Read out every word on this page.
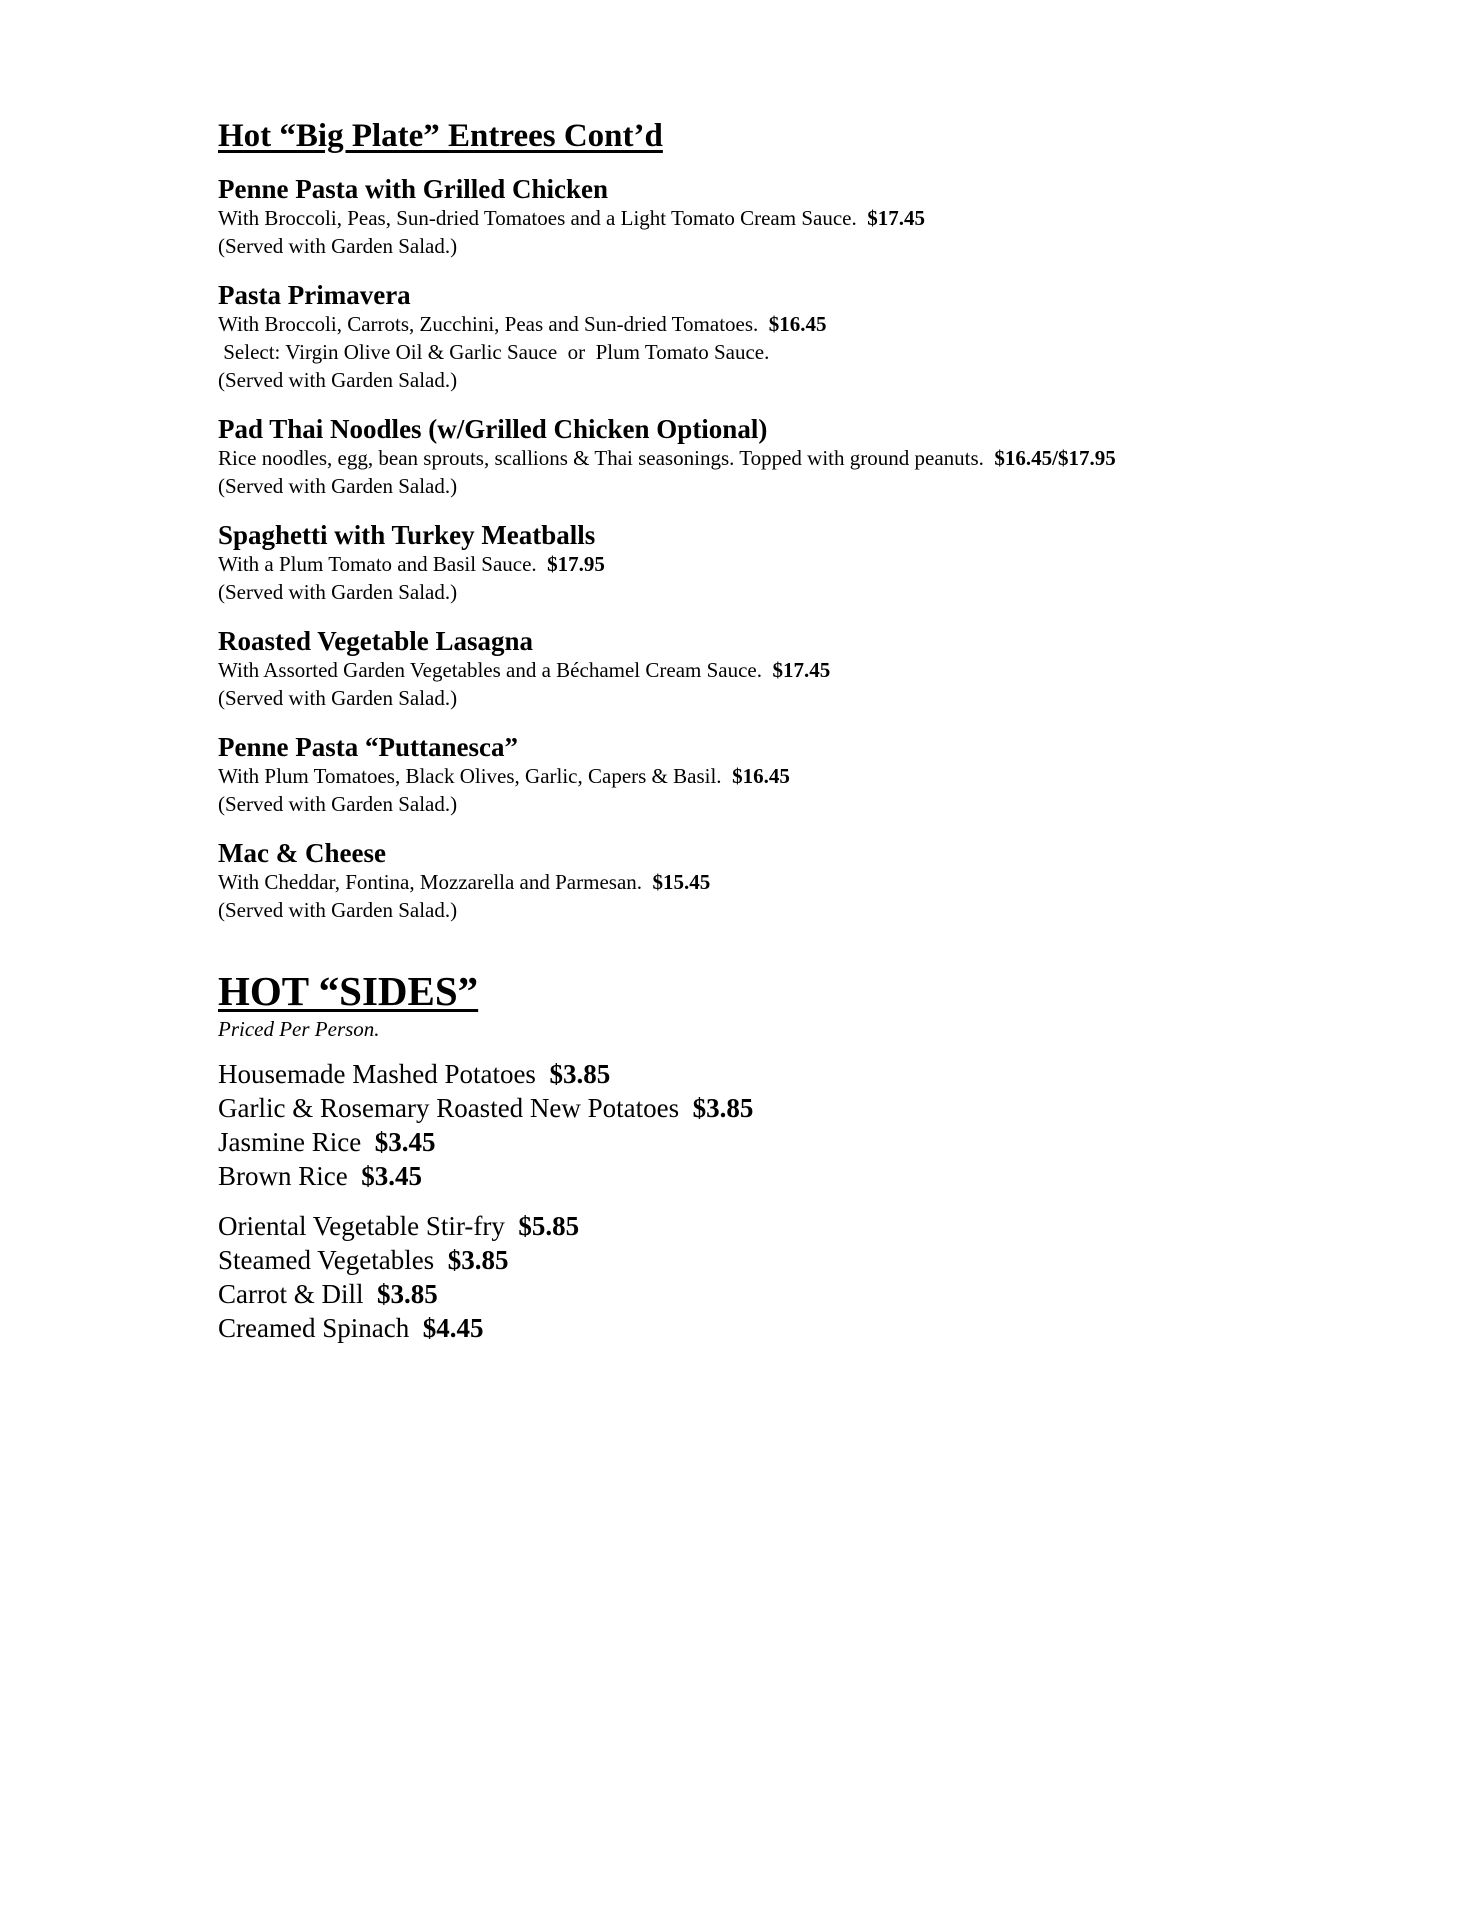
Hot “Big Plate” Entrees Cont’d
Penne Pasta with Grilled Chicken
With Broccoli, Peas, Sun-dried Tomatoes and a Light Tomato Cream Sauce. $17.45
(Served with Garden Salad.)
Pasta Primavera
With Broccoli, Carrots, Zucchini, Peas and Sun-dried Tomatoes. $16.45
Select: Virgin Olive Oil & Garlic Sauce  or  Plum Tomato Sauce.
(Served with Garden Salad.)
Pad Thai Noodles (w/Grilled Chicken Optional)
Rice noodles, egg, bean sprouts, scallions & Thai seasonings. Topped with ground peanuts. $16.45/$17.95
(Served with Garden Salad.)
Spaghetti with Turkey Meatballs
With a Plum Tomato and Basil Sauce. $17.95
(Served with Garden Salad.)
Roasted Vegetable Lasagna
With Assorted Garden Vegetables and a Béchamel Cream Sauce. $17.45
(Served with Garden Salad.)
Penne Pasta “Puttanesca”
With Plum Tomatoes, Black Olives, Garlic, Capers & Basil. $16.45
(Served with Garden Salad.)
Mac & Cheese
With Cheddar, Fontina, Mozzarella and Parmesan. $15.45
(Served with Garden Salad.)
HOT “SIDES”
Priced Per Person.
Housemade Mashed Potatoes $3.85
Garlic & Rosemary Roasted New Potatoes $3.85
Jasmine Rice $3.45
Brown Rice $3.45
Oriental Vegetable Stir-fry $5.85
Steamed Vegetables $3.85
Carrot & Dill $3.85
Creamed Spinach $4.45
